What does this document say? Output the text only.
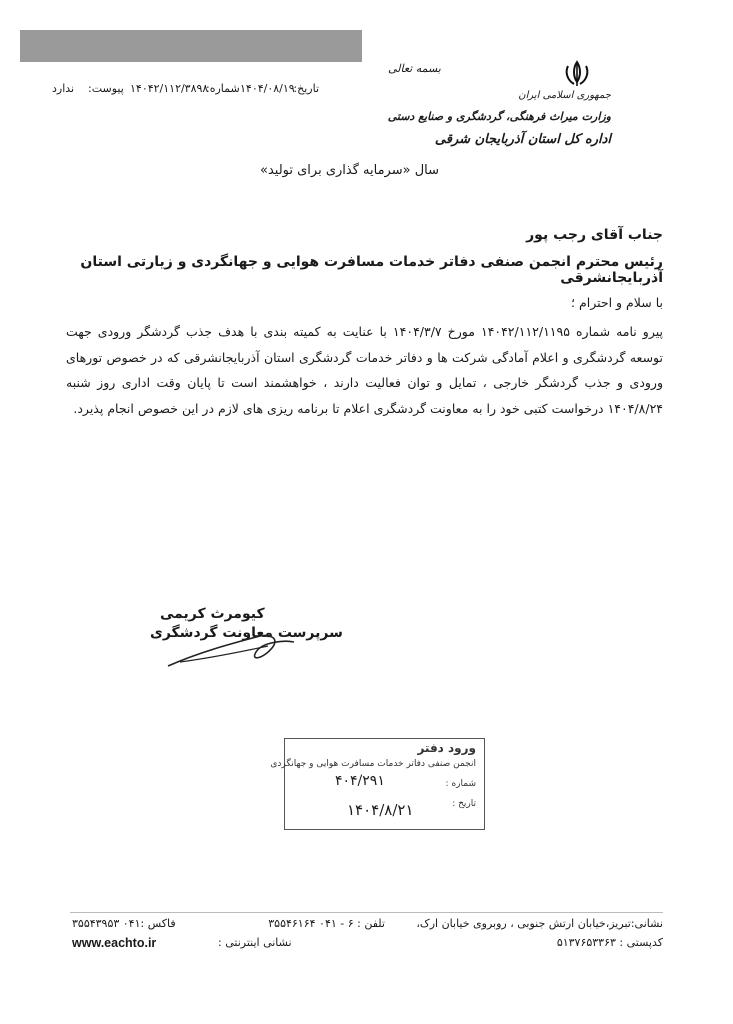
بسمه تعالی
جمهوری اسلامی ایران
وزارت میراث فرهنگی، گردشگری و صنایع دستی
اداره کل استان آذربایجان شرقی
تاریخ:
۱۴۰۴/۰۸/۱۹
شماره:
۱۴۰۴۲/۱۱۲/۳۸۹۸
پیوست:
ندارد
سال «سرمایه گذاری برای تولید»
جناب آقای رجب پور
رئیس محترم انجمن صنفی دفاتر خدمات مسافرت هوایی و جهانگردی و زیارتی استان آذربایجانشرقی
با سلام و احترام ؛
پیرو نامه شماره ۱۴۰۴۲/۱۱۲/۱۱۹۵ مورخ ۱۴۰۴/۳/۷ با عنایت به کمیته بندی با هدف جذب گردشگر ورودی جهت توسعه گردشگری و اعلام آمادگی شرکت ها و دفاتر خدمات گردشگری استان آذربایجانشرقی که در خصوص تورهای ورودی و جذب گردشگر خارجی ، تمایل و توان فعالیت دارند ، خواهشمند است تا پایان وقت اداری روز شنبه ۱۴۰۴/۸/۲۴ درخواست کتبی خود را به معاونت گردشگری اعلام تا برنامه ریزی های لازم در این خصوص انجام پذیرد.
کیومرث کریمی
سرپرست معاونت گردشگری
ورود دفتر
انجمن صنفی دفاتر خدمات مسافرت هوایی و جهانگردی
شماره :
۴۰۴/۲۹۱
تاریخ :
۱۴۰۴/۸/۲۱
نشانی:تبریز،خیابان ارتش جنوبی ، روبروی خیابان ارک،
تلفن : ۶ - ۰۴۱ ۳۵۵۴۶۱۶۴
فاکس :۰۴۱ ۳۵۵۴۳۹۵۳
کدپستی : ۵۱۳۷۶۵۳۳۶۳
نشانی اینترنتی :
www.eachto.ir
